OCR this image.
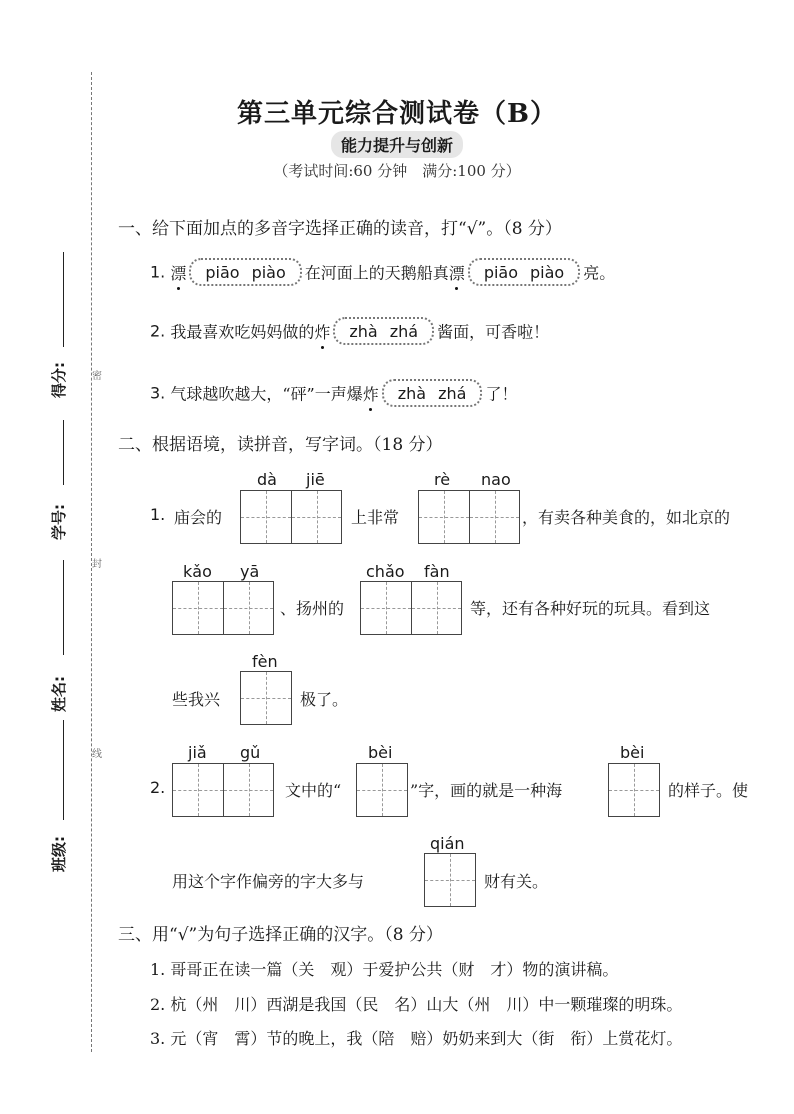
密
封
线
得分:
学号:
姓名:
班级:
第三单元综合测试卷（B）
能力提升与创新
（考试时间:60 分钟　满分:100 分）
一、给下面加点的多音字选择正确的读音，打“√”。（8 分）
1. 漂 piāo piào 在河面上的天鹅船真漂 piāo piào 亮。
2. 我最喜欢吃妈妈做的炸 zhà zhá 酱面，可香啦！
3. 气球越吹越大，“砰”一声爆炸 zhà zhá 了！
二、根据语境，读拼音，写字词。（18 分）
1. 庙会的
dà jiē
上非常
rè nao
，有卖各种美食的，如北京的
kǎo yā
、扬州的
chǎo fàn
等，还有各种好玩的玩具。看到这
些我兴
fèn
极了。
2.
jiǎ gǔ
文中的“
bèi
”字，画的就是一种海
bèi
的样子。使
用这个字作偏旁的字大多与
qián
财有关。
三、用“√”为句子选择正确的汉字。（8 分）
1. 哥哥正在读一篇（关　观）于爱护公共（财　才）物的演讲稿。
2. 杭（州　川）西湖是我国（民　名）山大（州　川）中一颗璀璨的明珠。
3. 元（宵　霄）节的晚上，我（陪　赔）奶奶来到大（街　衔）上赏花灯。
